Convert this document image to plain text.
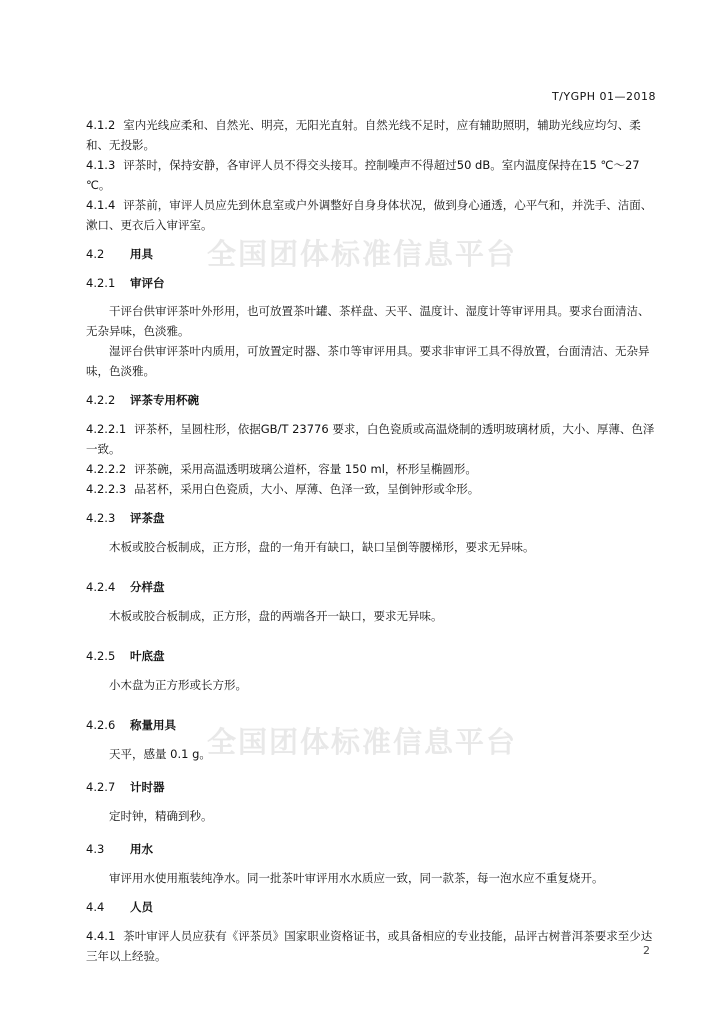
T/YGPH 01—2018
全国团体标准信息平台
全国团体标准信息平台

4.1.2 室内光线应柔和、自然光、明亮，无阳光直射。自然光线不足时，应有辅助照明，辅助光线应均匀、柔和、无投影。

4.1.3 评茶时，保持安静，各审评人员不得交头接耳。控制噪声不得超过50 dB。室内温度保持在15 ℃～27 ℃。

4.1.4 评茶前，审评人员应先到休息室或户外调整好自身身体状况，做到身心通透，心平气和，并洗手、洁面、漱口、更衣后入审评室。

4.2 用具

4.2.1 审评台

干评台供审评茶叶外形用，也可放置茶叶罐、茶样盘、天平、温度计、湿度计等审评用具。要求台面清洁、无杂异味，色淡雅。

湿评台供审评茶叶内质用，可放置定时器、茶巾等审评用具。要求非审评工具不得放置，台面清洁、无杂异味，色淡雅。

4.2.2 评茶专用杯碗

4.2.2.1 评茶杯，呈圆柱形，依据GB/T 23776 要求，白色瓷质或高温烧制的透明玻璃材质，大小、厚薄、色泽一致。

4.2.2.2 评茶碗，采用高温透明玻璃公道杯，容量 150 ml，杯形呈椭圆形。

4.2.2.3 品茗杯，采用白色瓷质，大小、厚薄、色泽一致，呈倒钟形或伞形。

4.2.3 评茶盘

木板或胶合板制成，正方形，盘的一角开有缺口，缺口呈倒等腰梯形，要求无异味。

4.2.4 分样盘

木板或胶合板制成，正方形，盘的两端各开一缺口，要求无异味。

4.2.5 叶底盘

小木盘为正方形或长方形。

4.2.6 称量用具

天平，感量 0.1 g。

4.2.7 计时器

定时钟，精确到秒。

4.3 用水

审评用水使用瓶装纯净水。同一批茶叶审评用水水质应一致，同一款茶，每一泡水应不重复烧开。

4.4 人员

4.4.1 茶叶审评人员应获有《评茶员》国家职业资格证书，或具备相应的专业技能，品评古树普洱茶要求至少达三年以上经验。	2
